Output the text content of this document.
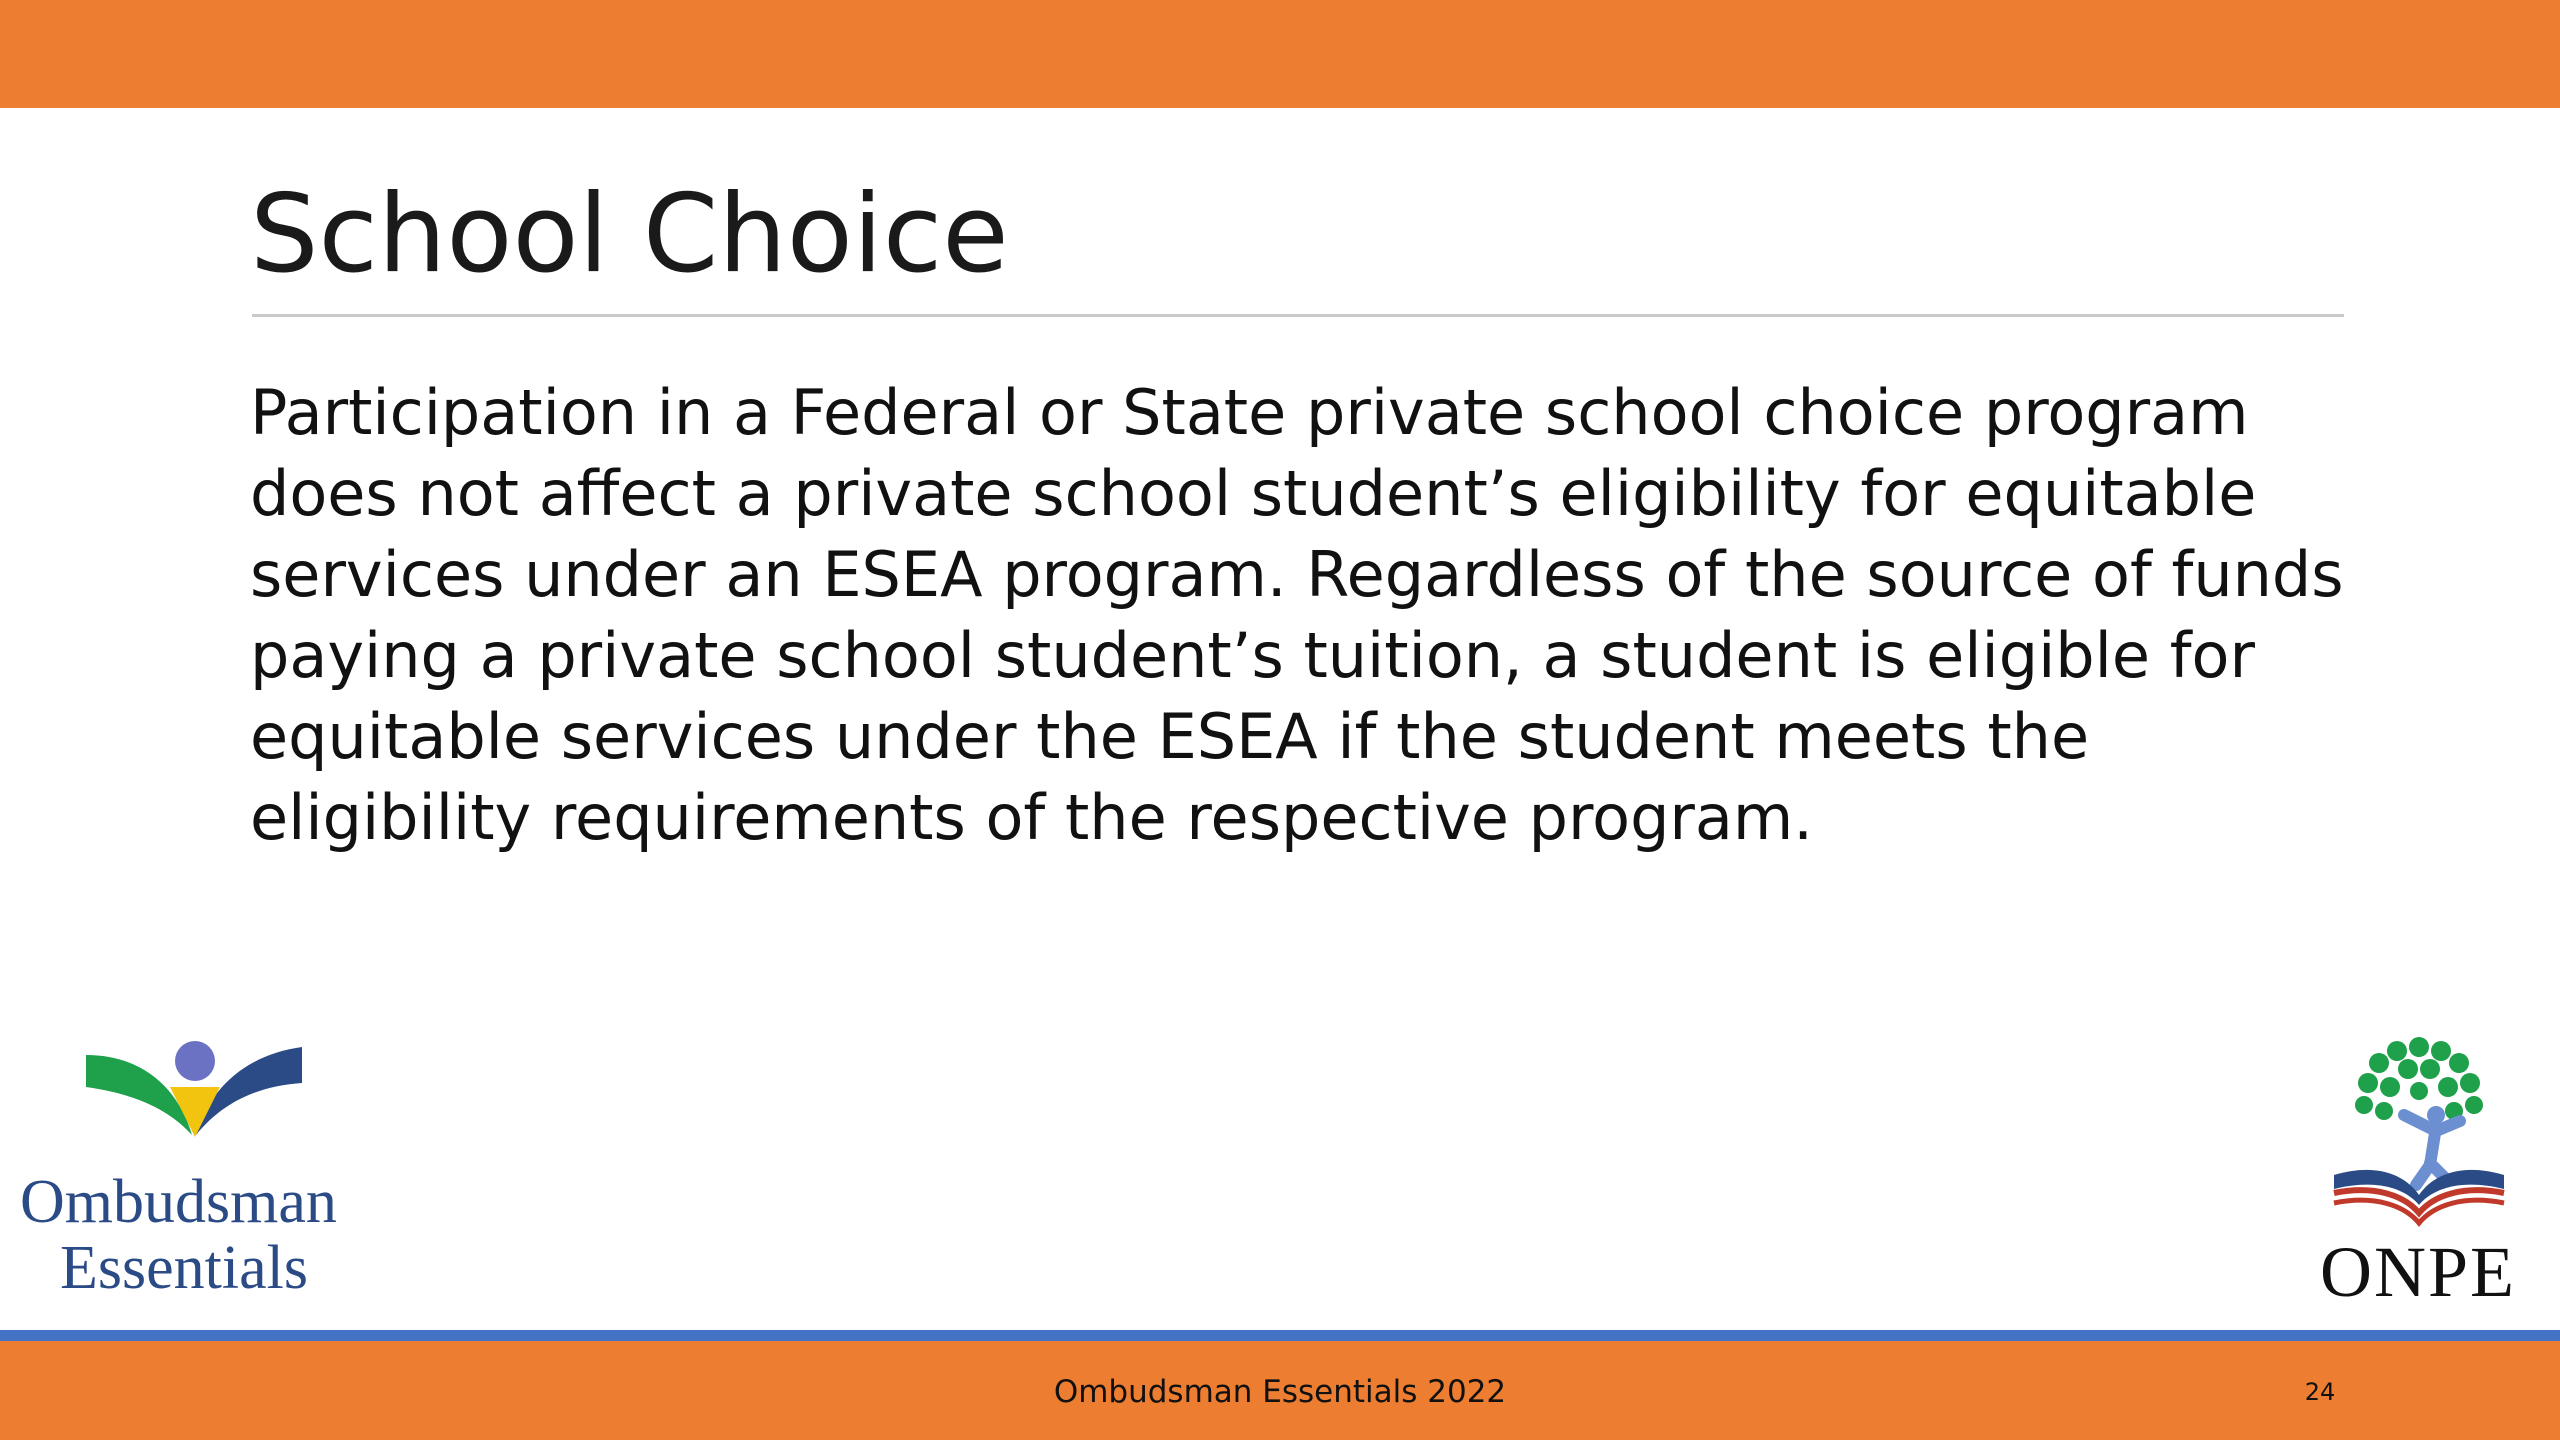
School Choice

Participation in a Federal or State private school choice program does not affect a private school student’s eligibility for equitable services under an ESEA program. Regardless of the source of funds paying a private school student’s tuition, a student is eligible for equitable services under the ESEA if the student meets the eligibility requirements of the respective program.

Ombudsman
Essentials	ONPE
Ombudsman Essentials 2022	24
